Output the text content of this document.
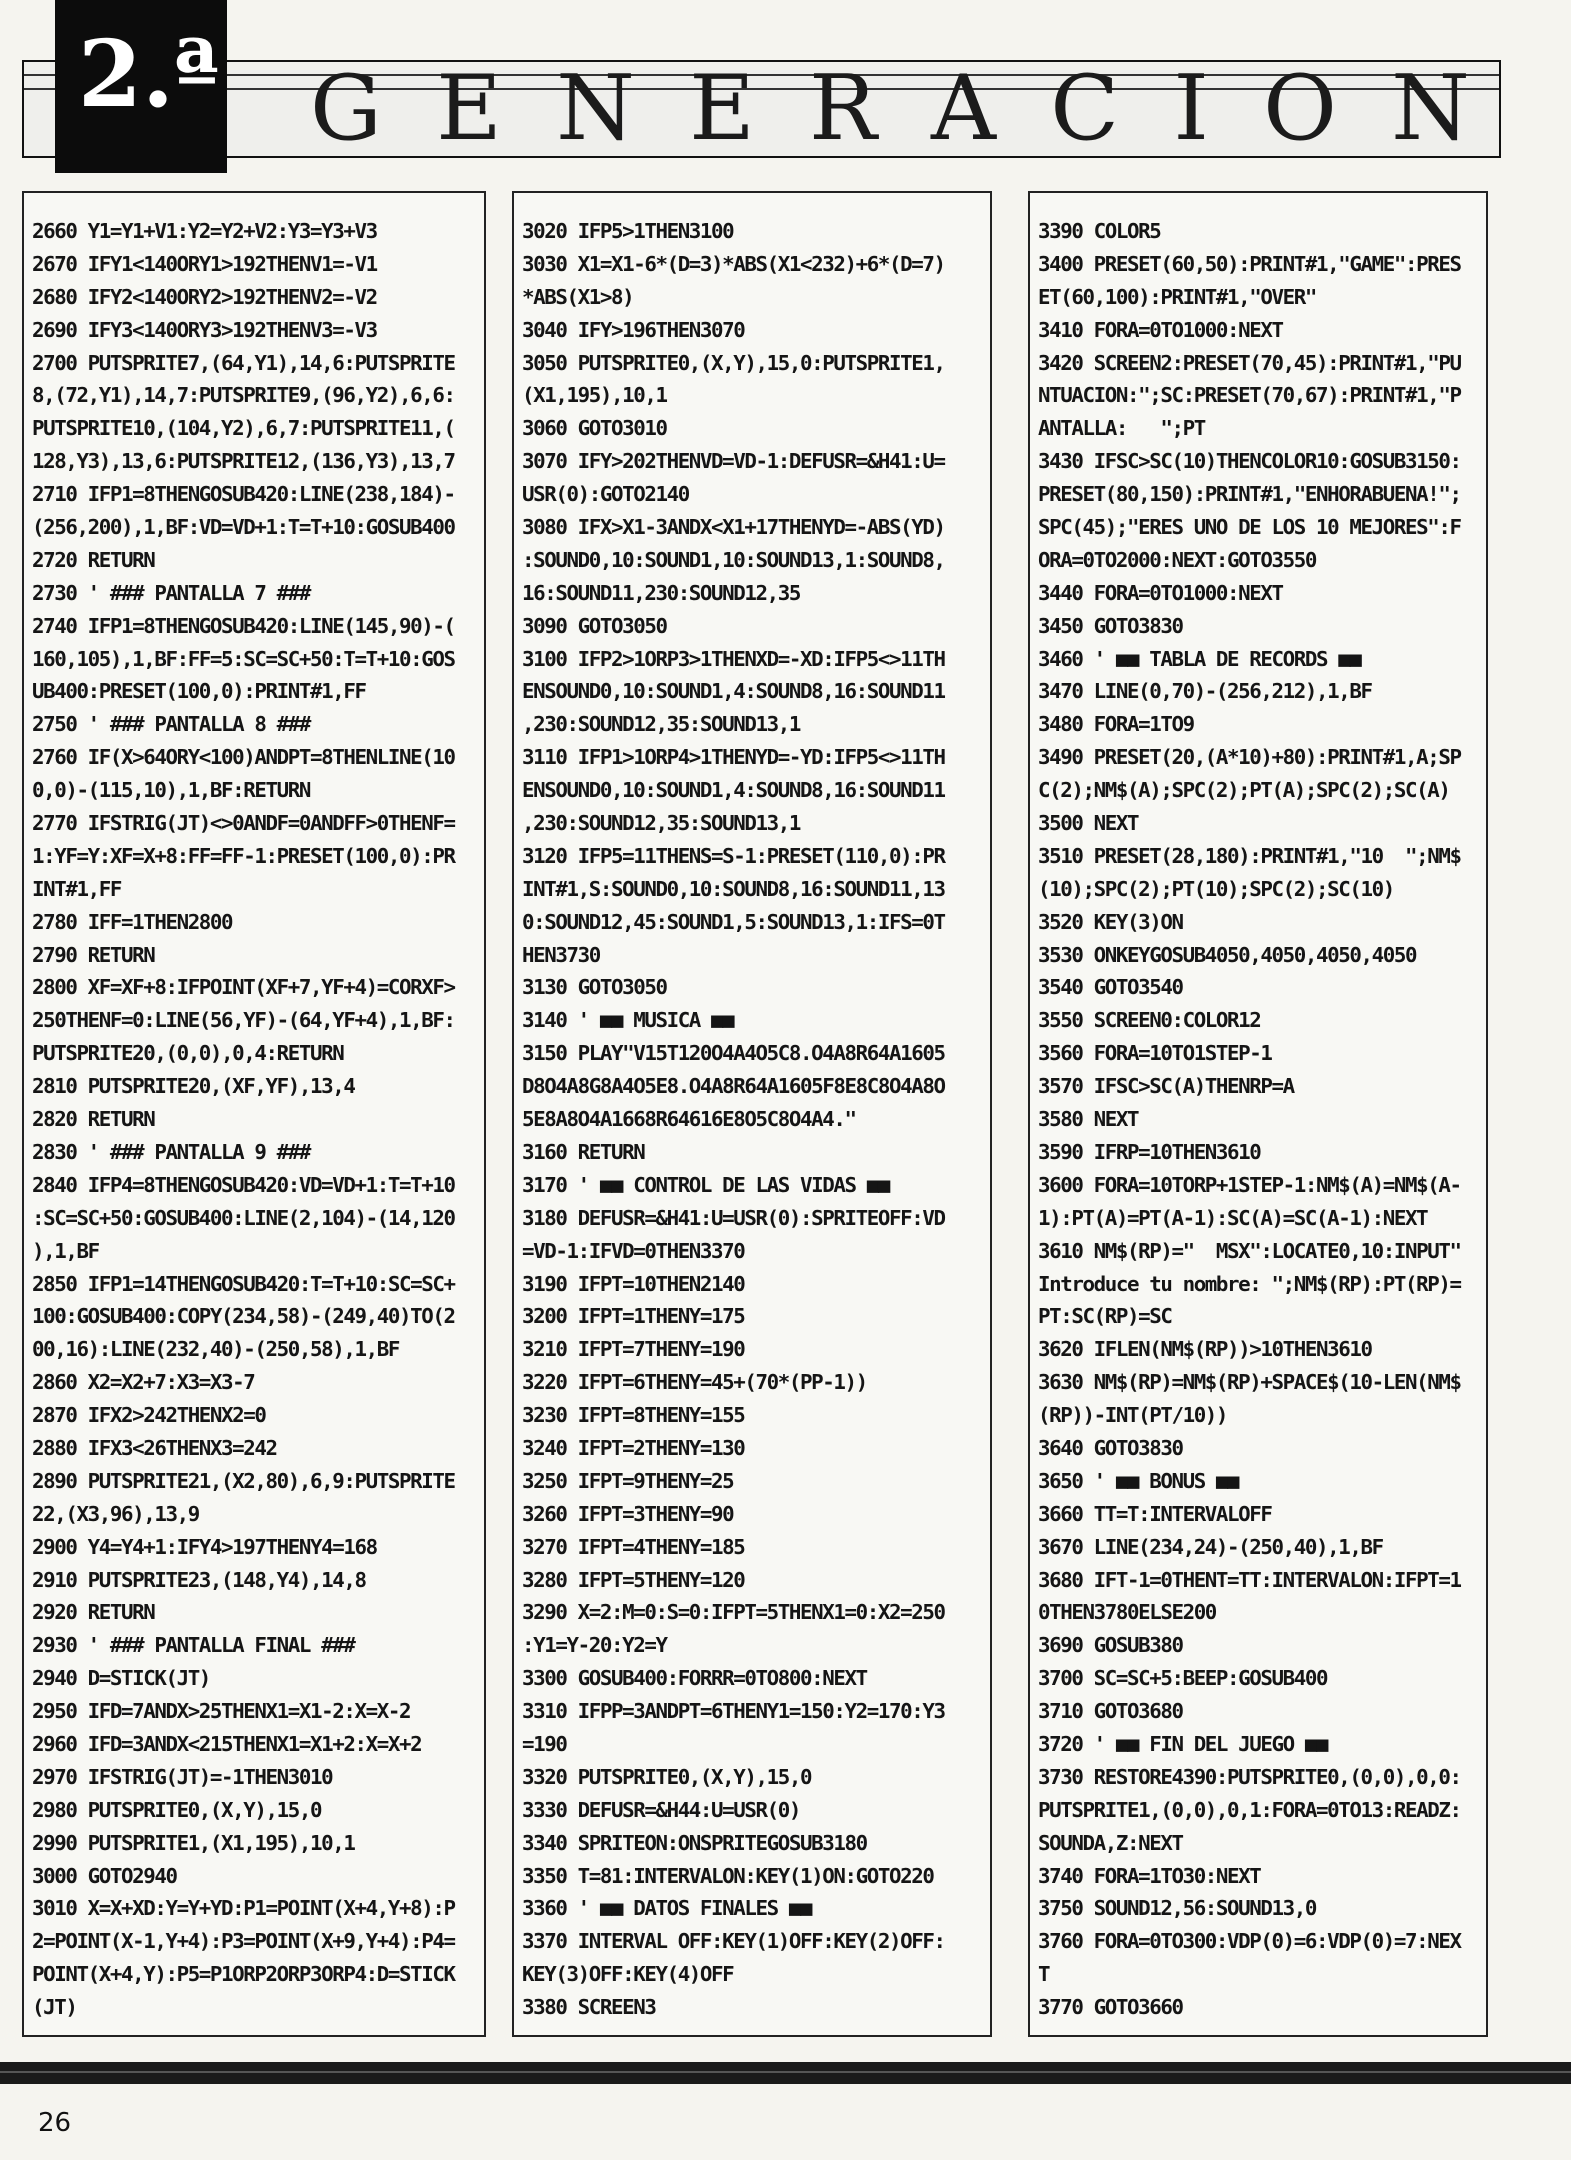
2.ª G E N E R A C I O N
2660 Y1=Y1+V1:Y2=Y2+V2:Y3=Y3+V3
2670 IFY1<140ORY1>192THENV1=-V1
2680 IFY2<140ORY2>192THENV2=-V2
2690 IFY3<140ORY3>192THENV3=-V3
2700 PUTSPRITE7,(64,Y1),14,6:PUTSPRITE
8,(72,Y1),14,7:PUTSPRITE9,(96,Y2),6,6:
PUTSPRITE10,(104,Y2),6,7:PUTSPRITE11,(
128,Y3),13,6:PUTSPRITE12,(136,Y3),13,7
2710 IFP1=8THENGOSUB420:LINE(238,184)-
(256,200),1,BF:VD=VD+1:T=T+10:GOSUB400
2720 RETURN
2730 ' ### PANTALLA 7 ###
2740 IFP1=8THENGOSUB420:LINE(145,90)-(
160,105),1,BF:FF=5:SC=SC+50:T=T+10:GOS
UB400:PRESET(100,0):PRINT#1,FF
2750 ' ### PANTALLA 8 ###
2760 IF(X>64ORY<100)ANDPT=8THENLINE(10
0,0)-(115,10),1,BF:RETURN
2770 IFSTRIG(JT)<>0ANDF=0ANDFF>0THENF=
1:YF=Y:XF=X+8:FF=FF-1:PRESET(100,0):PR
INT#1,FF
2780 IFF=1THEN2800
2790 RETURN
2800 XF=XF+8:IFPOINT(XF+7,YF+4)=CORXF>
250THENF=0:LINE(56,YF)-(64,YF+4),1,BF:
PUTSPRITE20,(0,0),0,4:RETURN
2810 PUTSPRITE20,(XF,YF),13,4
2820 RETURN
2830 ' ### PANTALLA 9 ###
2840 IFP4=8THENGOSUB420:VD=VD+1:T=T+10
:SC=SC+50:GOSUB400:LINE(2,104)-(14,120
),1,BF
2850 IFP1=14THENGOSUB420:T=T+10:SC=SC+
100:GOSUB400:COPY(234,58)-(249,40)TO(2
00,16):LINE(232,40)-(250,58),1,BF
2860 X2=X2+7:X3=X3-7
2870 IFX2>242THENX2=0
2880 IFX3<26THENX3=242
2890 PUTSPRITE21,(X2,80),6,9:PUTSPRITE
22,(X3,96),13,9
2900 Y4=Y4+1:IFY4>197THENY4=168
2910 PUTSPRITE23,(148,Y4),14,8
2920 RETURN
2930 ' ### PANTALLA FINAL ###
2940 D=STICK(JT)
2950 IFD=7ANDX>25THENX1=X1-2:X=X-2
2960 IFD=3ANDX<215THENX1=X1+2:X=X+2
2970 IFSTRIG(JT)=-1THEN3010
2980 PUTSPRITE0,(X,Y),15,0
2990 PUTSPRITE1,(X1,195),10,1
3000 GOTO2940
3010 X=X+XD:Y=Y+YD:P1=POINT(X+4,Y+8):P
2=POINT(X-1,Y+4):P3=POINT(X+9,Y+4):P4=
POINT(X+4,Y):P5=P1ORP2ORP3ORP4:D=STICK
(JT)
3020 IFP5>1THEN3100
3030 X1=X1-6*(D=3)*ABS(X1<232)+6*(D=7)
*ABS(X1>8)
3040 IFY>196THEN3070
3050 PUTSPRITE0,(X,Y),15,0:PUTSPRITE1,
(X1,195),10,1
3060 GOTO3010
3070 IFY>202THENVD=VD-1:DEFUSR=&H41:U=
USR(0):GOTO2140
3080 IFX>X1-3ANDX<X1+17THENYD=-ABS(YD)
:SOUND0,10:SOUND1,10:SOUND13,1:SOUND8,
16:SOUND11,230:SOUND12,35
3090 GOTO3050
3100 IFP2>1ORP3>1THENXD=-XD:IFP5<>11TH
ENSOUND0,10:SOUND1,4:SOUND8,16:SOUND11
,230:SOUND12,35:SOUND13,1
3110 IFP1>1ORP4>1THENYD=-YD:IFP5<>11TH
ENSOUND0,10:SOUND1,4:SOUND8,16:SOUND11
,230:SOUND12,35:SOUND13,1
3120 IFP5=11THENS=S-1:PRESET(110,0):PR
INT#1,S:SOUND0,10:SOUND8,16:SOUND11,13
0:SOUND12,45:SOUND1,5:SOUND13,1:IFS=0T
HEN3730
3130 GOTO3050
3140 ' ■■ MUSICA ■■
3150 PLAY"V15T120O4A4O5C8.O4A8R64A1605
D8O4A8G8A4O5E8.O4A8R64A1605F8E8C8O4A8O
5E8A8O4A1668R64616E8O5C8O4A4."
3160 RETURN
3170 ' ■■ CONTROL DE LAS VIDAS ■■
3180 DEFUSR=&H41:U=USR(0):SPRITEOFF:VD
=VD-1:IFVD=0THEN3370
3190 IFPT=10THEN2140
3200 IFPT=1THENY=175
3210 IFPT=7THENY=190
3220 IFPT=6THENY=45+(70*(PP-1))
3230 IFPT=8THENY=155
3240 IFPT=2THENY=130
3250 IFPT=9THENY=25
3260 IFPT=3THENY=90
3270 IFPT=4THENY=185
3280 IFPT=5THENY=120
3290 X=2:M=0:S=0:IFPT=5THENX1=0:X2=250
:Y1=Y-20:Y2=Y
3300 GOSUB400:FORRR=0TO800:NEXT
3310 IFPP=3ANDPT=6THENY1=150:Y2=170:Y3
=190
3320 PUTSPRITE0,(X,Y),15,0
3330 DEFUSR=&H44:U=USR(0)
3340 SPRITEON:ONSPRITEGOSUB3180
3350 T=81:INTERVALON:KEY(1)ON:GOTO220
3360 ' ■■ DATOS FINALES ■■
3370 INTERVAL OFF:KEY(1)OFF:KEY(2)OFF:
KEY(3)OFF:KEY(4)OFF
3380 SCREEN3
3390 COLOR5
3400 PRESET(60,50):PRINT#1,"GAME":PRES
ET(60,100):PRINT#1,"OVER"
3410 FORA=0TO1000:NEXT
3420 SCREEN2:PRESET(70,45):PRINT#1,"PU
NTUACION:";SC:PRESET(70,67):PRINT#1,"P
ANTALLA:   ";PT
3430 IFSC>SC(10)THENCOLOR10:GOSUB3150:
PRESET(80,150):PRINT#1,"ENHORABUENA!";
SPC(45);"ERES UNO DE LOS 10 MEJORES":F
ORA=0TO2000:NEXT:GOTO3550
3440 FORA=0TO1000:NEXT
3450 GOTO3830
3460 ' ■■ TABLA DE RECORDS ■■
3470 LINE(0,70)-(256,212),1,BF
3480 FORA=1TO9
3490 PRESET(20,(A*10)+80):PRINT#1,A;SP
C(2);NM$(A);SPC(2);PT(A);SPC(2);SC(A)
3500 NEXT
3510 PRESET(28,180):PRINT#1,"10  ";NM$
(10);SPC(2);PT(10);SPC(2);SC(10)
3520 KEY(3)ON
3530 ONKEYGOSUB4050,4050,4050,4050
3540 GOTO3540
3550 SCREEN0:COLOR12
3560 FORA=10TO1STEP-1
3570 IFSC>SC(A)THENRP=A
3580 NEXT
3590 IFRP=10THEN3610
3600 FORA=10TORP+1STEP-1:NM$(A)=NM$(A-
1):PT(A)=PT(A-1):SC(A)=SC(A-1):NEXT
3610 NM$(RP)="  MSX":LOCATE0,10:INPUT"
Introduce tu nombre: ";NM$(RP):PT(RP)=
PT:SC(RP)=SC
3620 IFLEN(NM$(RP))>10THEN3610
3630 NM$(RP)=NM$(RP)+SPACE$(10-LEN(NM$
(RP))-INT(PT/10))
3640 GOTO3830
3650 ' ■■ BONUS ■■
3660 TT=T:INTERVALOFF
3670 LINE(234,24)-(250,40),1,BF
3680 IFT-1=0THENT=TT:INTERVALON:IFPT=1
0THEN3780ELSE200
3690 GOSUB380
3700 SC=SC+5:BEEP:GOSUB400
3710 GOTO3680
3720 ' ■■ FIN DEL JUEGO ■■
3730 RESTORE4390:PUTSPRITE0,(0,0),0,0:
PUTSPRITE1,(0,0),0,1:FORA=0TO13:READZ:
SOUNDA,Z:NEXT
3740 FORA=1TO30:NEXT
3750 SOUND12,56:SOUND13,0
3760 FORA=0TO300:VDP(0)=6:VDP(0)=7:NEX
T
3770 GOTO3660
26
